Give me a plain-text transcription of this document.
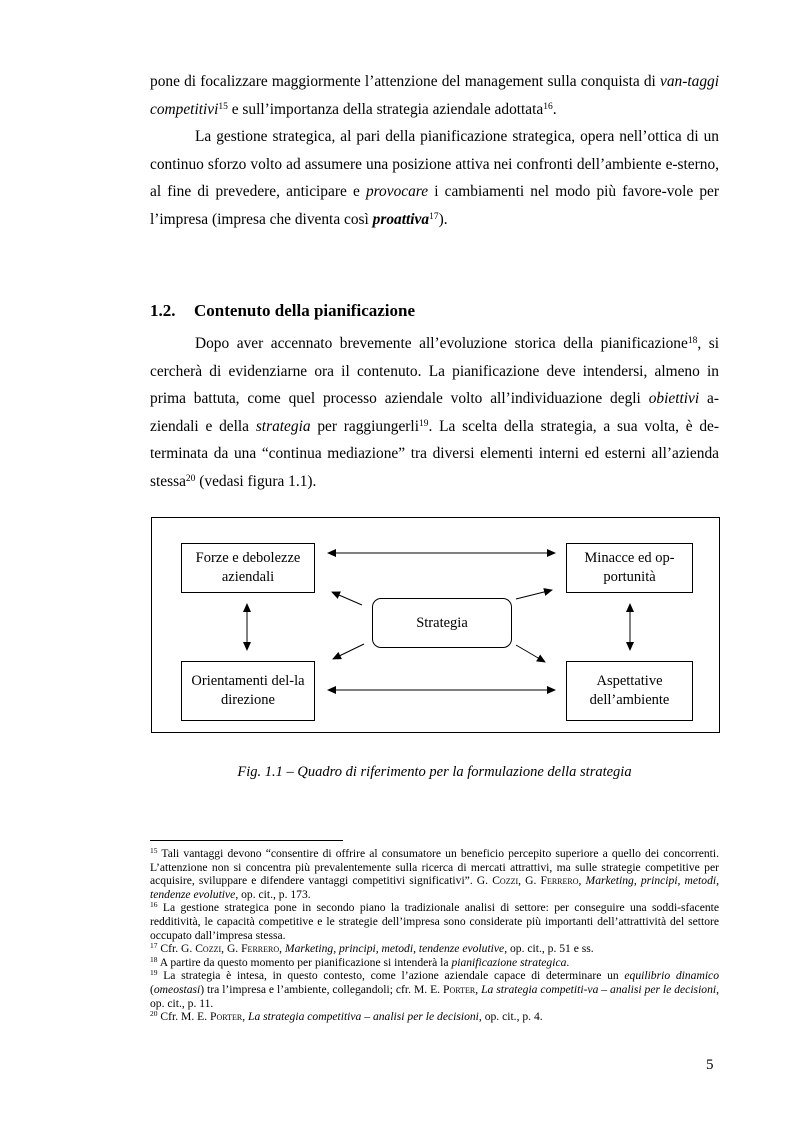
pone di focalizzare maggiormente l’attenzione del management sulla conquista di van-taggi competitivi$^{15}$ e sull’importanza della strategia aziendale adottata$^{16}$.

La gestione strategica, al pari della pianificazione strategica, opera nell’ottica di un continuo sforzo volto ad assumere una posizione attiva nei confronti dell’ambiente e-sterno, al fine di prevedere, anticipare e provocare i cambiamenti nel modo più favore-vole per l’impresa (impresa che diventa così proattiva$^{17}$).

1.2. Contenuto della pianificazione

Dopo aver accennato brevemente all’evoluzione storica della pianificazione$^{18}$, si cercherà di evidenziarne ora il contenuto. La pianificazione deve intendersi, almeno in prima battuta, come quel processo aziendale volto all’individuazione degli obiettivi a-ziendali e della strategia per raggiungerli$^{19}$. La scelta della strategia, a sua volta, è de-terminata da una “continua mediazione” tra diversi elementi interni ed esterni all’azienda stessa$^{20}$ (vedasi figura 1.1).

Forze e debolezze aziendali
Minacce ed op-portunità
Strategia
Orientamenti del-la direzione
Aspettative dell’ambiente
Fig. 1.1 – Quadro di riferimento per la formulazione della strategia

$^{15}$ Tali vantaggi devono “consentire di offrire al consumatore un beneficio percepito superiore a quello dei concorrenti. L’attenzione non si concentra più prevalentemente sulla ricerca di mercati attrattivi, ma sulle strategie competitive per acquisire, sviluppare e difendere vantaggi competitivi significativi”. G. Cozzi, G. Ferrero, Marketing, principi, metodi, tendenze evolutive, op. cit., p. 173.

$^{16}$ La gestione strategica pone in secondo piano la tradizionale analisi di settore: per conseguire una soddi-sfacente redditività, le capacità competitive e le strategie dell’impresa sono considerate più importanti dell’attrattività del settore occupato dall’impresa stessa.

$^{17}$ Cfr. G. Cozzi, G. Ferrero, Marketing, principi, metodi, tendenze evolutive, op. cit., p. 51 e ss.

$^{18}$ A partire da questo momento per pianificazione si intenderà la pianificazione strategica.

$^{19}$ La strategia è intesa, in questo contesto, come l’azione aziendale capace di determinare un equilibrio dinamico (omeostasi) tra l’impresa e l’ambiente, collegandoli; cfr. M. E. Porter, La strategia competiti-va – analisi per le decisioni, op. cit., p. 11.

$^{20}$ Cfr. M. E. Porter, La strategia competitiva – analisi per le decisioni, op. cit., p. 4.

5
